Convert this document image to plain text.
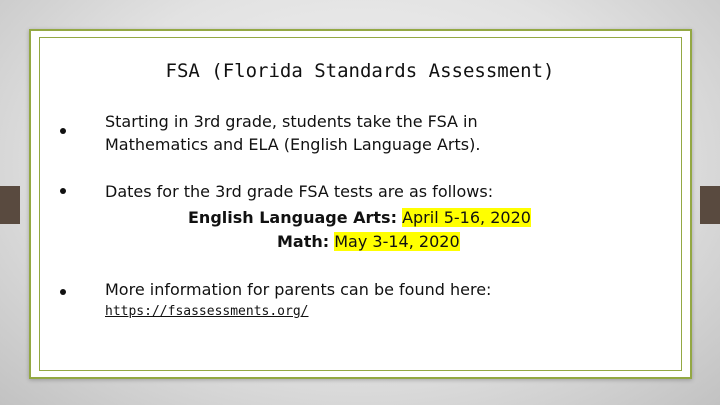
FSA (Florida Standards Assessment)
Starting in 3rd grade, students take the FSA in
Mathematics and ELA (English Language Arts).
Dates for the 3rd grade FSA tests are as follows:
English Language Arts: April 5-16, 2020
Math: May 3-14, 2020
More information for parents can be found here:
https://fsassessments.org/
